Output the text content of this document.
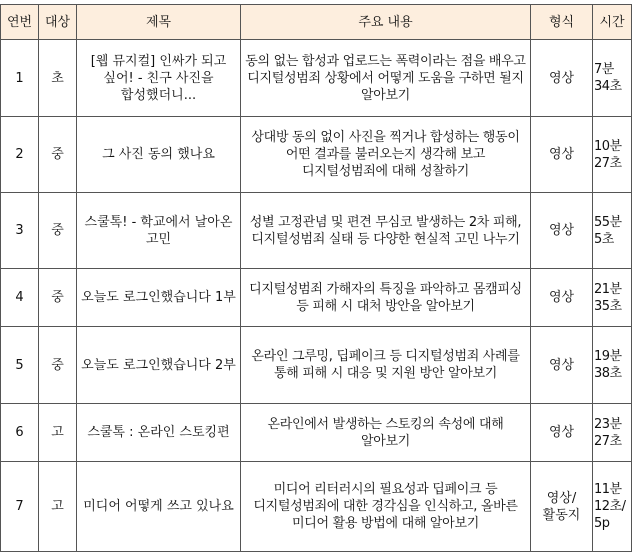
연번	대상	제목	주요 내용	형식	시간
1	초	[웹 뮤지컬] 인싸가 되고 싶어! - 친구 사진을 합성했더니...	동의 없는 합성과 업로드는 폭력이라는 점을 배우고 디지털성범죄 상황에서 어떻게 도움을 구하면 될지 알아보기	영상	7분 34초
2	중	그 사진 동의 했나요	상대방 동의 없이 사진을 찍거나 합성하는 행동이 어떤 결과를 불러오는지 생각해 보고 디지털성범죄에 대해 성찰하기	영상	10분 27초
3	중	스쿨톡! - 학교에서 날아온 고민	성별 고정관념 및 편견 무심코 발생하는 2차 피해, 디지털성범죄 실태 등 다양한 현실적 고민 나누기	영상	55분 5초
4	중	오늘도 로그인했습니다 1부	디지털성범죄 가해자의 특징을 파악하고 몸캠피싱 등 피해 시 대처 방안을 알아보기	영상	21분 35초
5	중	오늘도 로그인했습니다 2부	온라인 그루밍, 딥페이크 등 디지털성범죄 사례를 통해 피해 시 대응 및 지원 방안 알아보기	영상	19분 38초
6	고	스쿨톡 : 온라인 스토킹편	온라인에서 발생하는 스토킹의 속성에 대해 알아보기	영상	23분 27초
7	고	미디어 어떻게 쓰고 있나요	미디어 리터러시의 필요성과 딥페이크 등 디지털성범죄에 대한 경각심을 인식하고, 올바른 미디어 활용 방법에 대해 알아보기	영상/ 활동지	11분 12초/ 5p
